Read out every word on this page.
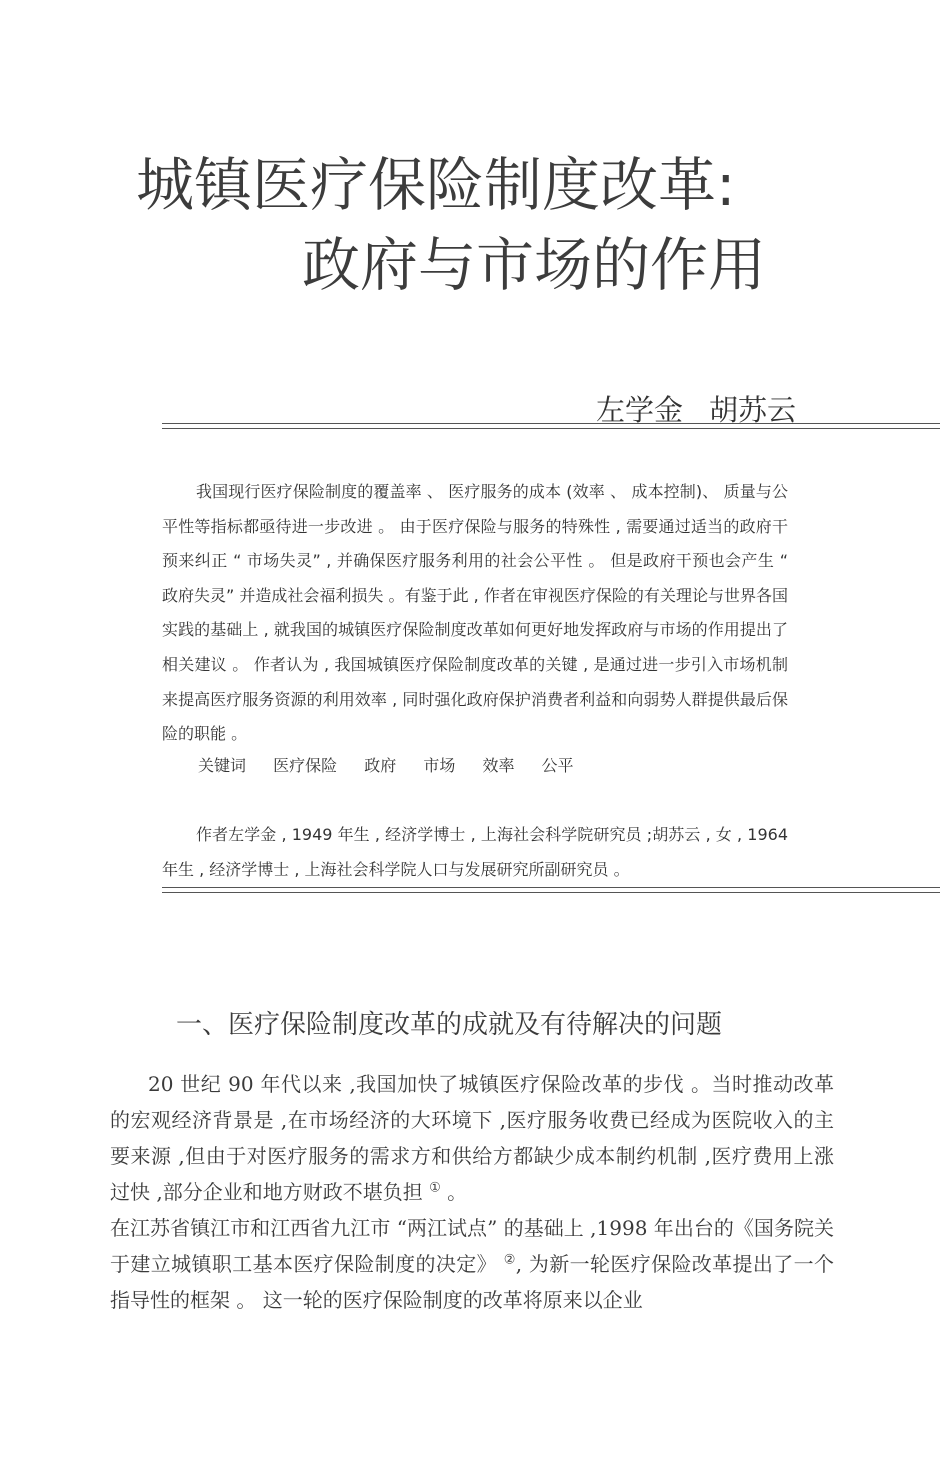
城镇医疗保险制度改革:
政府与市场的作用
左学金 胡苏云

我国现行医疗保险制度的覆盖率 、 医疗服务的成本 (效率 、 成本控制)、 质量与公平性等指标都亟待进一步改进 。 由于医疗保险与服务的特殊性 , 需要通过适当的政府干预来纠正 “ 市场失灵” , 并确保医疗服务利用的社会公平性 。 但是政府干预也会产生 “ 政府失灵” 并造成社会福利损失 。有鉴于此 , 作者在审视医疗保险的有关理论与世界各国实践的基础上 , 就我国的城镇医疗保险制度改革如何更好地发挥政府与市场的作用提出了相关建议 。 作者认为 , 我国城镇医疗保险制度改革的关键 , 是通过进一步引入市场机制来提高医疗服务资源的利用效率 , 同时强化政府保护消费者利益和向弱势人群提供最后保险的职能 。

关键词 医疗保险 政府 市场 效率 公平

作者左学金 , 1949 年生 , 经济学博士 , 上海社会科学院研究员 ;胡苏云 , 女 , 1964 年生 , 经济学博士 , 上海社会科学院人口与发展研究所副研究员 。

一、医疗保险制度改革的成就及有待解决的问题
20 世纪 90 年代以来 ,我国加快了城镇医疗保险改革的步伐 。当时推动改革的宏观经济背景是 ,在市场经济的大环境下 ,医疗服务收费已经成为医院收入的主要来源 ,但由于对医疗服务的需求方和供给方都缺少成本制约机制 ,医疗费用上涨过快 ,部分企业和地方财政不堪负担 ① 。
在江苏省镇江市和江西省九江市 “两江试点” 的基础上 ,1998 年出台的《国务院关于建立城镇职工基本医疗保险制度的决定》 ②, 为新一轮医疗保险改革提出了一个指导性的框架 。 这一轮的医疗保险制度的改革将原来以企业
